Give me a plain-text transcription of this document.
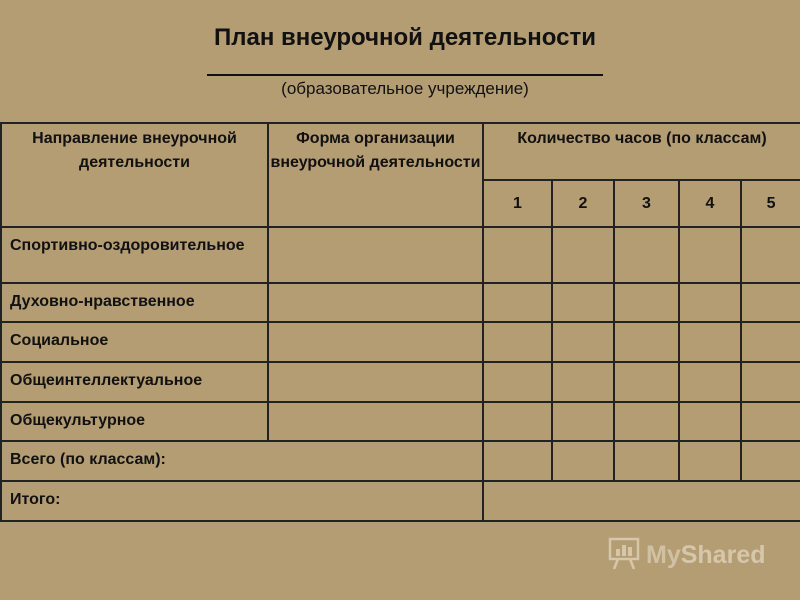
План внеурочной деятельности
(образовательное учреждение)
Направление внеурочной деятельности	Форма организации внеурочной деятельности	Количество часов (по классам)				
		1	2	3	4	5
Спортивно-оздоровительное						
Духовно-нравственное						
Социальное						
Общеинтеллектуальное						
Общекультурное						
Всего (по классам):						
Итого:						
MyShared
